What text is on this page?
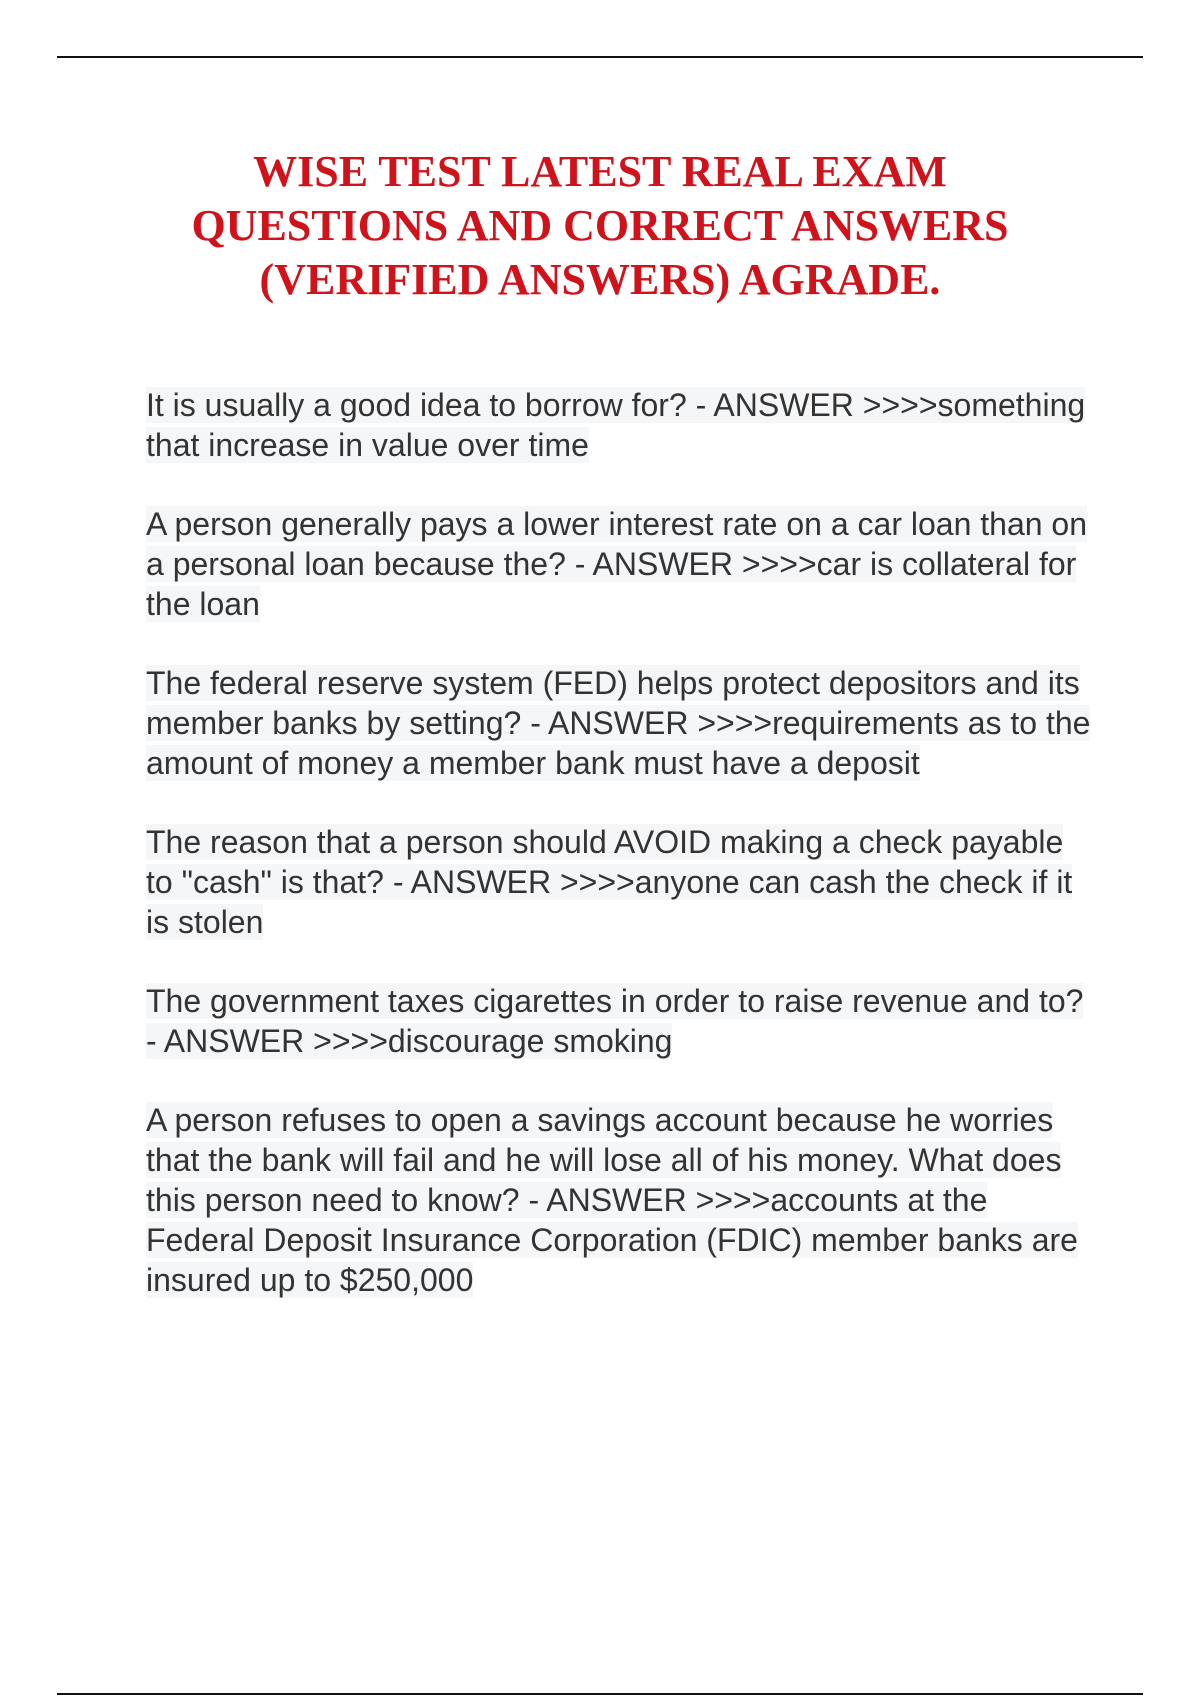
WISE TEST LATEST REAL EXAM QUESTIONS AND CORRECT ANSWERS (VERIFIED ANSWERS) AGRADE.

It is usually a good idea to borrow for? - ANSWER >>>>something that increase in value over time

A person generally pays a lower interest rate on a car loan than on a personal loan because the? - ANSWER >>>>car is collateral for the loan

The federal reserve system (FED) helps protect depositors and its member banks by setting? - ANSWER >>>>requirements as to the amount of money a member bank must have a deposit

The reason that a person should AVOID making a check payable to "cash" is that? - ANSWER >>>>anyone can cash the check if it is stolen

The government taxes cigarettes in order to raise revenue and to? - ANSWER >>>>discourage smoking

A person refuses to open a savings account because he worries that the bank will fail and he will lose all of his money. What does this person need to know? - ANSWER >>>>accounts at the Federal Deposit Insurance Corporation (FDIC) member banks are insured up to $250,000
